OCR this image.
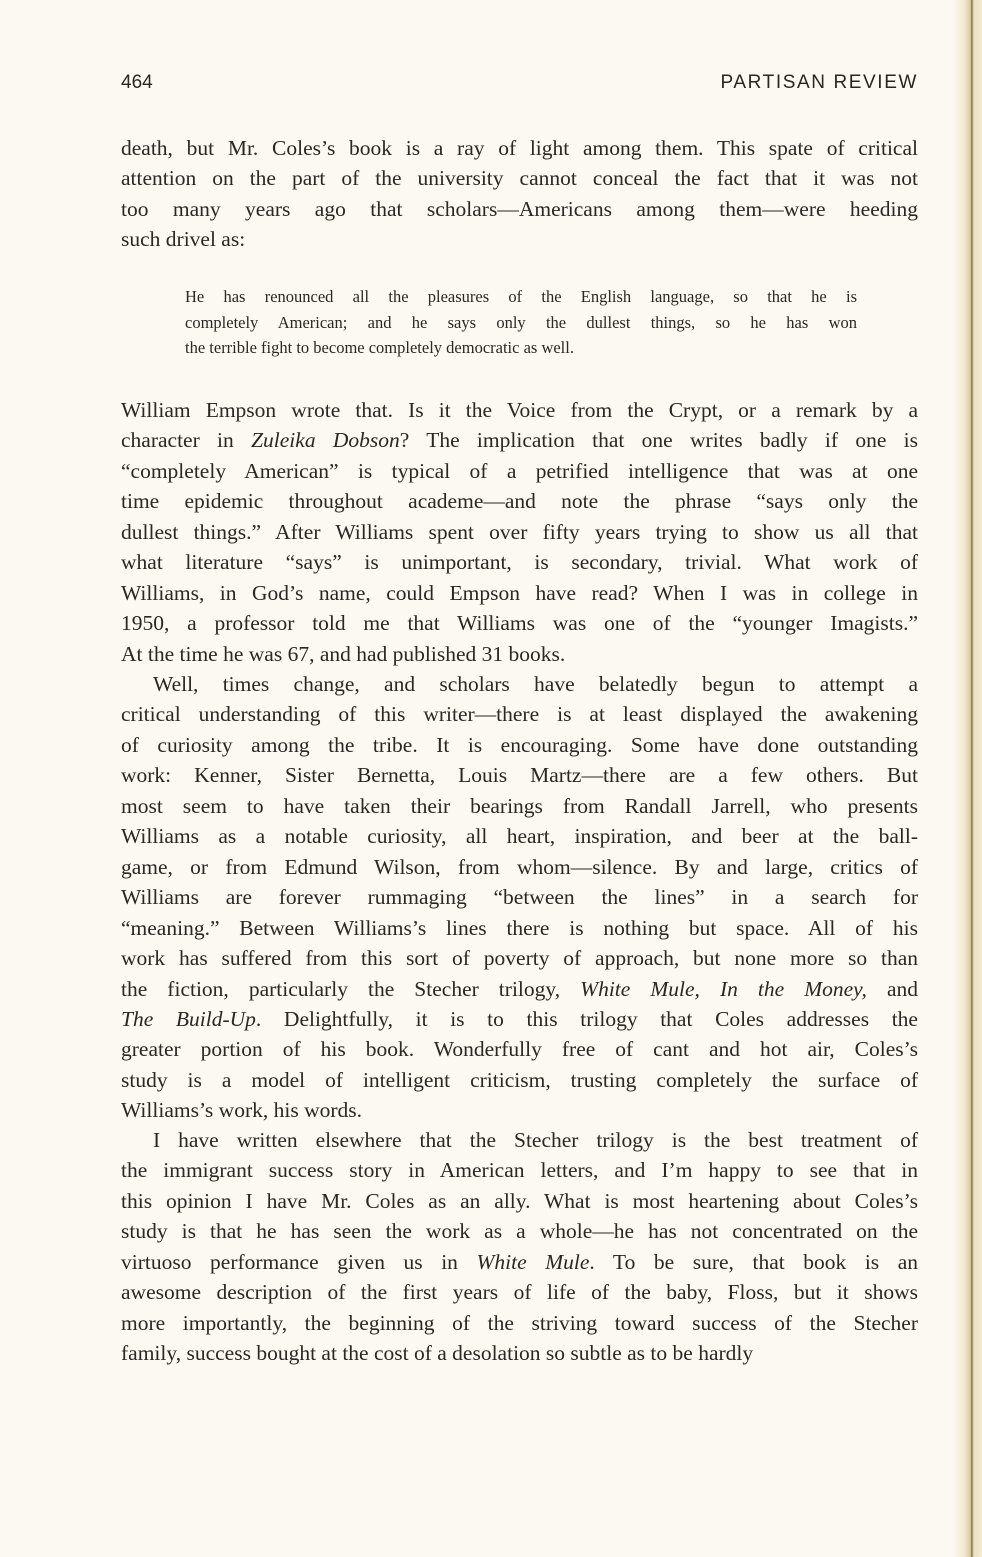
464	PARTISAN REVIEW
death, but Mr. Coles’s book is a ray of light among them. This spate of critical
attention on the part of the university cannot conceal the fact that it was not
too many years ago that scholars—Americans among them—were heeding
such drivel as:
William Empson wrote that. Is it the Voice from the Crypt, or a remark by a
character in Zuleika Dobson? The implication that one writes badly if one is
“completely American” is typical of a petrified intelligence that was at one
time epidemic throughout academe—and note the phrase “says only the
dullest things.” After Williams spent over fifty years trying to show us all that
what literature “says” is unimportant, is secondary, trivial. What work of
Williams, in God’s name, could Empson have read? When I was in college in
1950, a professor told me that Williams was one of the “younger Imagists.”
At the time he was 67, and had published 31 books.
Well, times change, and scholars have belatedly begun to attempt a
critical understanding of this writer—there is at least displayed the awakening
of curiosity among the tribe. It is encouraging. Some have done outstanding
work: Kenner, Sister Bernetta, Louis Martz—there are a few others. But
most seem to have taken their bearings from Randall Jarrell, who presents
Williams as a notable curiosity, all heart, inspiration, and beer at the ball-
game, or from Edmund Wilson, from whom—silence. By and large, critics of
Williams are forever rummaging “between the lines” in a search for
“meaning.” Between Williams’s lines there is nothing but space. All of his
work has suffered from this sort of poverty of approach, but none more so than
the fiction, particularly the Stecher trilogy, White Mule, In the Money, and
The Build-Up. Delightfully, it is to this trilogy that Coles addresses the
greater portion of his book. Wonderfully free of cant and hot air, Coles’s
study is a model of intelligent criticism, trusting completely the surface of
Williams’s work, his words.
I have written elsewhere that the Stecher trilogy is the best treatment of
the immigrant success story in American letters, and I’m happy to see that in
this opinion I have Mr. Coles as an ally. What is most heartening about Coles’s
study is that he has seen the work as a whole—he has not concentrated on the
virtuoso performance given us in White Mule. To be sure, that book is an
awesome description of the first years of life of the baby, Floss, but it shows
more importantly, the beginning of the striving toward success of the Stecher
family, success bought at the cost of a desolation so subtle as to be hardly
He has renounced all the pleasures of the English language, so that he is
completely American; and he says only the dullest things, so he has won
the terrible fight to become completely democratic as well.
